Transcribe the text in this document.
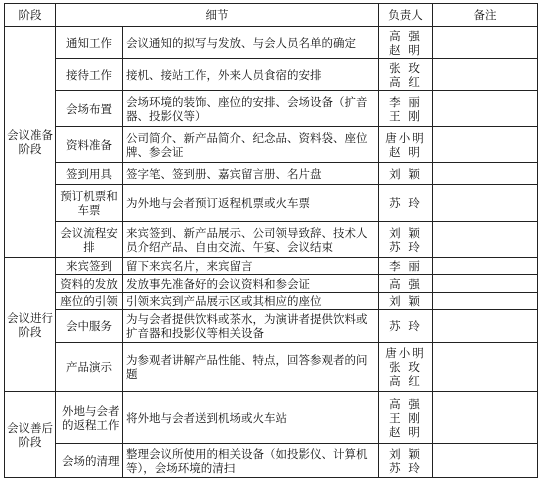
阶段	细节		负责人	备注
会议准备阶段	通知工作	会议通知的拟写与发放、与会人员名单的确定	高 强
赵 明	

	接待工作	接机、接站工作，外来人员食宿的安排	张 玫
高 红	

	会场布置	会场环境的装饰、座位的安排、会场设备（扩音器、投影仪等）	李 丽
王 刚	

	资料准备	公司简介、新产品简介、纪念品、资料袋、座位牌、参会证	唐小明
赵 明	

	签到用具	签字笔、签到册、嘉宾留言册、名片盘	刘 颖	

	预订机票和车票	为外地与会者预订返程机票或火车票	苏 玲	

	会议流程安排	来宾签到、新产品展示、公司领导致辞、技术人员介绍产品、自由交流、午宴、会议结束	刘 颖
苏 玲	

会议进行阶段	来宾签到	留下来宾名片，来宾留言	李 丽	

	资料的发放	发放事先准备好的会议资料和参会证	高 强	

	座位的引领	引领来宾到产品展示区或其相应的座位	刘 颖	

	会中服务	为与会者提供饮料或茶水，为演讲者提供饮料或扩音器和投影仪等相关设备	苏 玲	

	产品演示	为参观者讲解产品性能、特点，回答参观者的问题	唐小明
张 玫
高 红	

会议善后阶段	外地与会者的返程工作	将外地与会者送到机场或火车站	高 强
王 刚
赵 明	

	会场的清理	整理会议所使用的相关设备（如投影仪、计算机等），会场环境的清扫	刘 颖
苏 玲	
